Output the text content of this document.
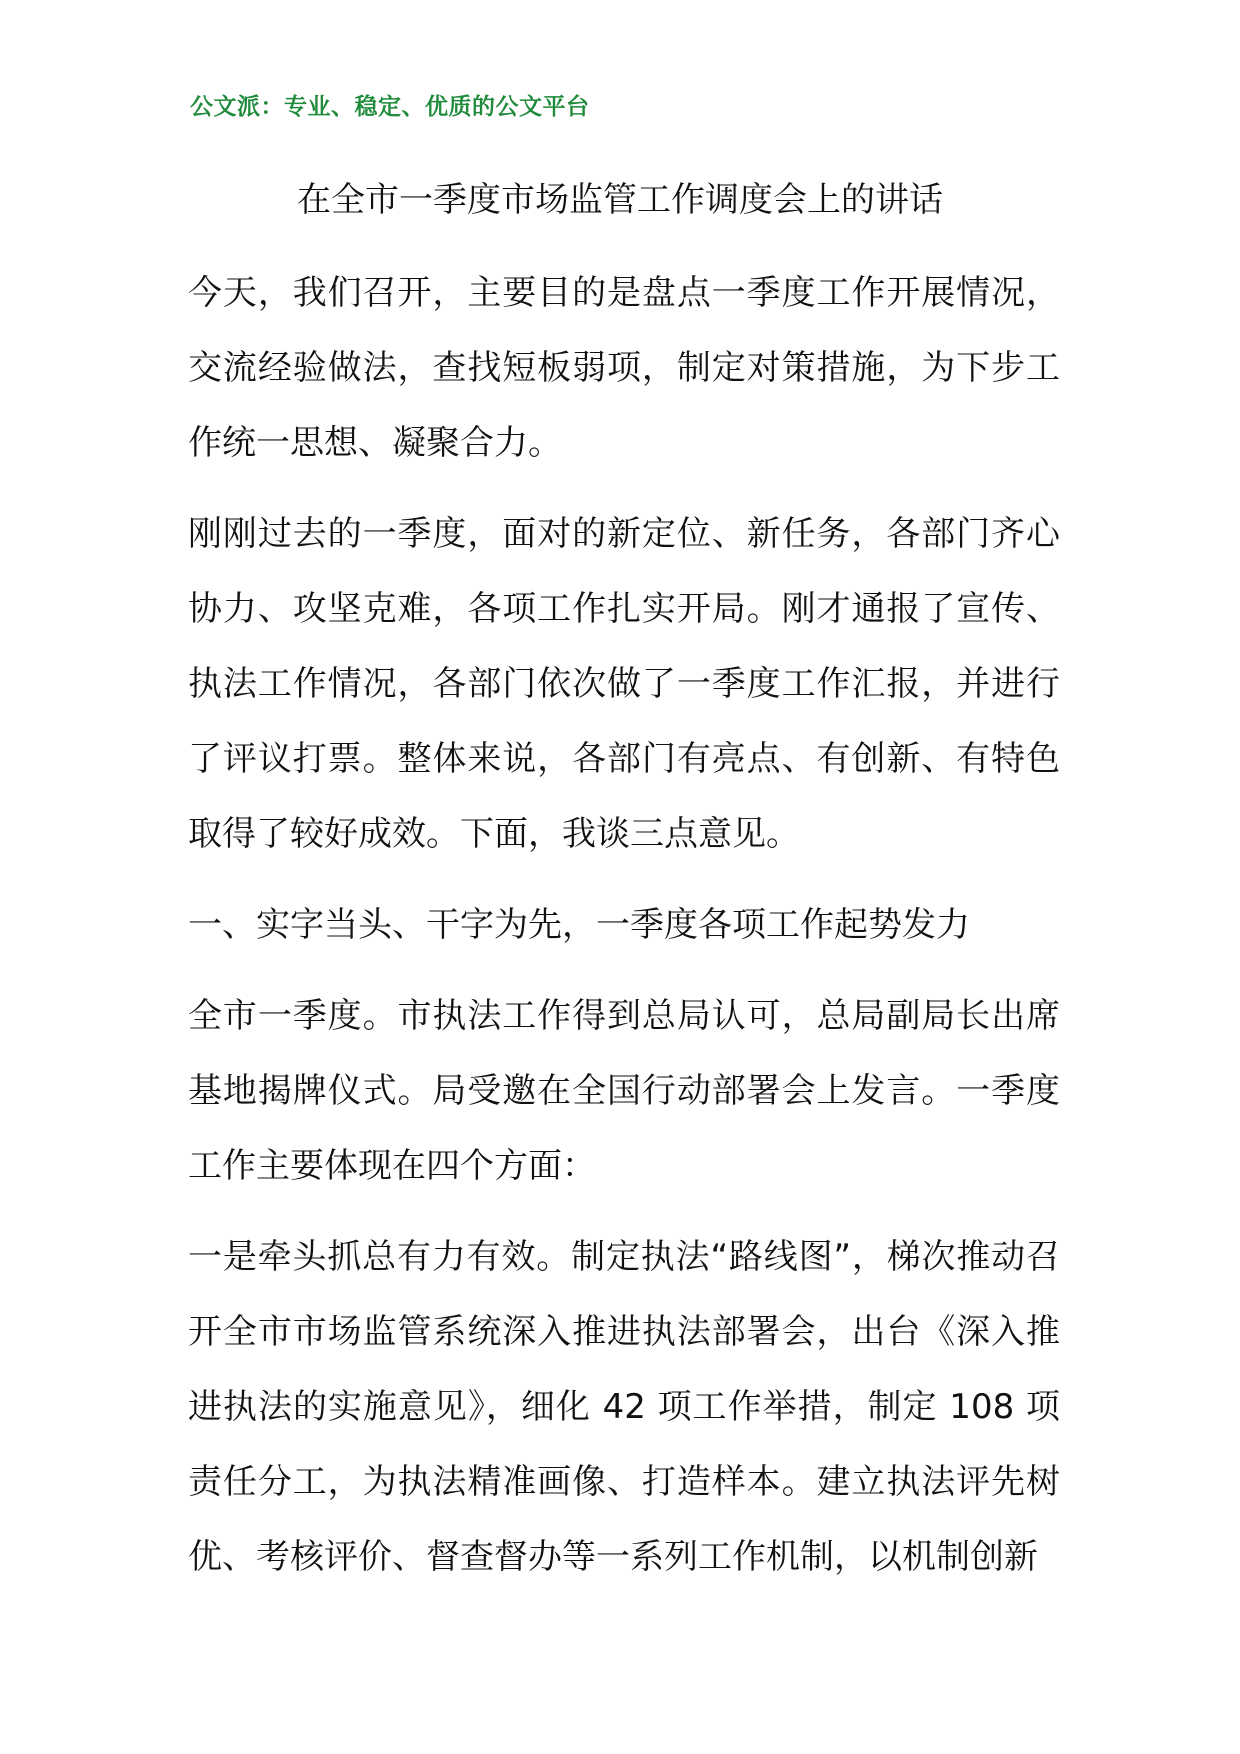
公文派：专业、稳定、优质的公文平台
在全市一季度市场监管工作调度会上的讲话

今天，我们召开，主要目的是盘点一季度工作开展情况，交流经验做法，查找短板弱项，制定对策措施，为下步工作统一思想、凝聚合力。

刚刚过去的一季度，面对的新定位、新任务，各部门齐心协力、攻坚克难，各项工作扎实开局。刚才通报了宣传、执法工作情况，各部门依次做了一季度工作汇报，并进行了评议打票。整体来说，各部门有亮点、有创新、有特色取得了较好成效。下面，我谈三点意见。

一、实字当头、干字为先，一季度各项工作起势发力

全市一季度。市执法工作得到总局认可，总局副局长出席基地揭牌仪式。局受邀在全国行动部署会上发言。一季度工作主要体现在四个方面：

一是牵头抓总有力有效。制定执法“路线图”，梯次推动召开全市市场监管系统深入推进执法部署会，出台《深入推进执法的实施意见》，细化 42 项工作举措，制定 108 项责任分工，为执法精准画像、打造样本。建立执法评先树优、考核评价、督查督办等一系列工作机制，以机制创新
